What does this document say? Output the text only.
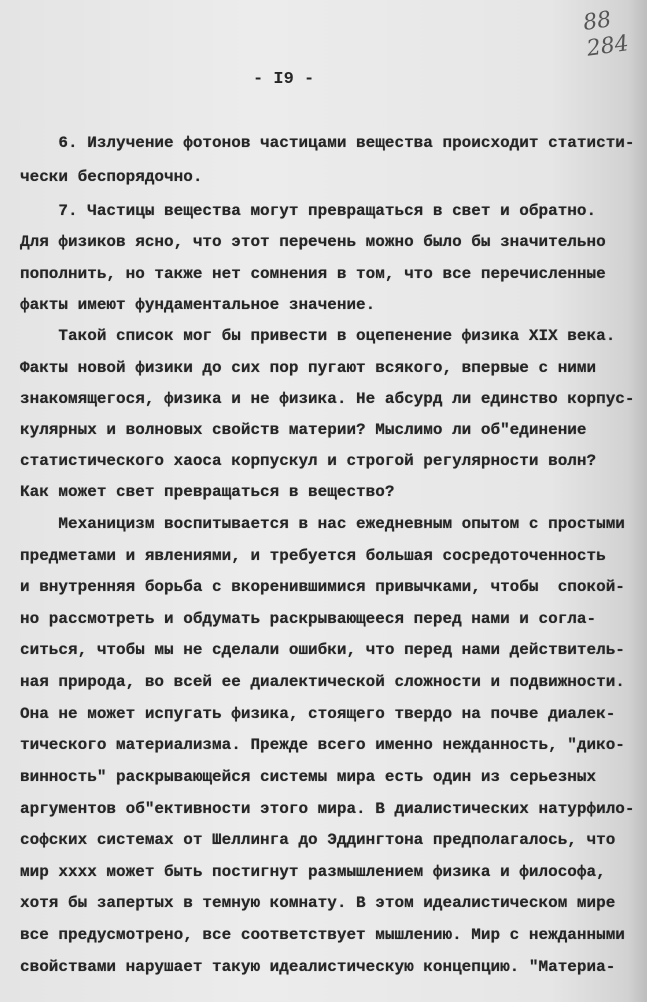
88
284
- I9 -
6. Излучение фотонов частицами вещества происходит статисти-
чески беспорядочно.
7. Частицы вещества могут превращаться в свет и обратно.
Для физиков ясно, что этот перечень можно было бы значительно
пополнить, но также нет сомнения в том, что все перечисленные
факты имеют фундаментальное значение.
Такой список мог бы привести в оцепенение физика XIX века.
Факты новой физики до сих пор пугают всякого, впервые с ними
знакомящегося, физика и не физика. Не абсурд ли единство корпус-
кулярных и волновых свойств материи? Мыслимо ли об"единение
статистического хаоса корпускул и строгой регулярности волн?
Как может свет превращаться в вещество?
Механицизм воспитывается в нас ежедневным опытом с простыми
предметами и явлениями, и требуется большая сосредоточенность
и внутренняя борьба с вкоренившимися привычками, чтобы  спокой-
но рассмотреть и обдумать раскрывающееся перед нами и согла-
ситься, чтобы мы не сделали ошибки, что перед нами действитель-
ная природа, во всей ее диалектической сложности и подвижности.
Она не может испугать физика, стоящего твердо на почве диалек-
тического материализма. Прежде всего именно нежданность, "дико-
винность" раскрывающейся системы мира есть один из серьезных
аргументов об"ективности этого мира. В диалистических натурфило-
софских системах от Шеллинга до Эддингтона предполагалось, что
мир xxxx может быть постигнут размышлением физика и философа,
хотя бы запертых в темную комнату. В этом идеалистическом мире
все предусмотрено, все соответствует мышлению. Мир с нежданными
свойствами нарушает такую идеалистическую концепцию. "Материа-
